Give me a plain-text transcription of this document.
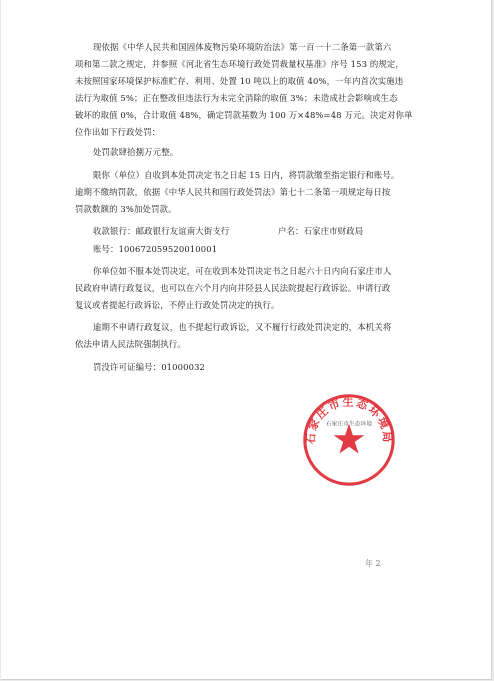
现依据《中华人民共和国固体废物污染环境防治法》第一百一十二条第一款第六
项和第二款之规定，并参照《河北省生态环境行政处罚裁量权基准》序号 153 的规定，
未按照国家环境保护标准贮存、利用、处置 10 吨以上的取值 40%，一年内首次实施违
法行为取值 5%；正在整改但违法行为未完全消除的取值 3%；未造成社会影响或生态
破坏的取值 0%，合计取值 48%，确定罚款基数为 100 万×48%=48 万元。决定对你单
位作出如下行政处罚：
处罚款肆拾捌万元整。
限你（单位）自收到本处罚决定书之日起 15 日内，将罚款缴至指定银行和账号。
逾期不缴纳罚款，依据《中华人民共和国行政处罚法》第七十二条第一项规定每日按
罚款数额的 3%加处罚款。
收款银行：邮政银行友谊南大街支行	户名：石家庄市财政局
账号：100672059520010001
你单位如不服本处罚决定，可在收到本处罚决定书之日起六十日内向石家庄市人
民政府申请行政复议，也可以在六个月内向井陉县人民法院提起行政诉讼。申请行政
复议或者提起行政诉讼，不停止行政处罚决定的执行。
逾期不申请行政复议，也不提起行政诉讼，又不履行行政处罚决定的，本机关将
依法申请人民法院强制执行。
罚没许可证编号：01000032
石家庄市生态环境局
石家庄市生态环境
年 2
